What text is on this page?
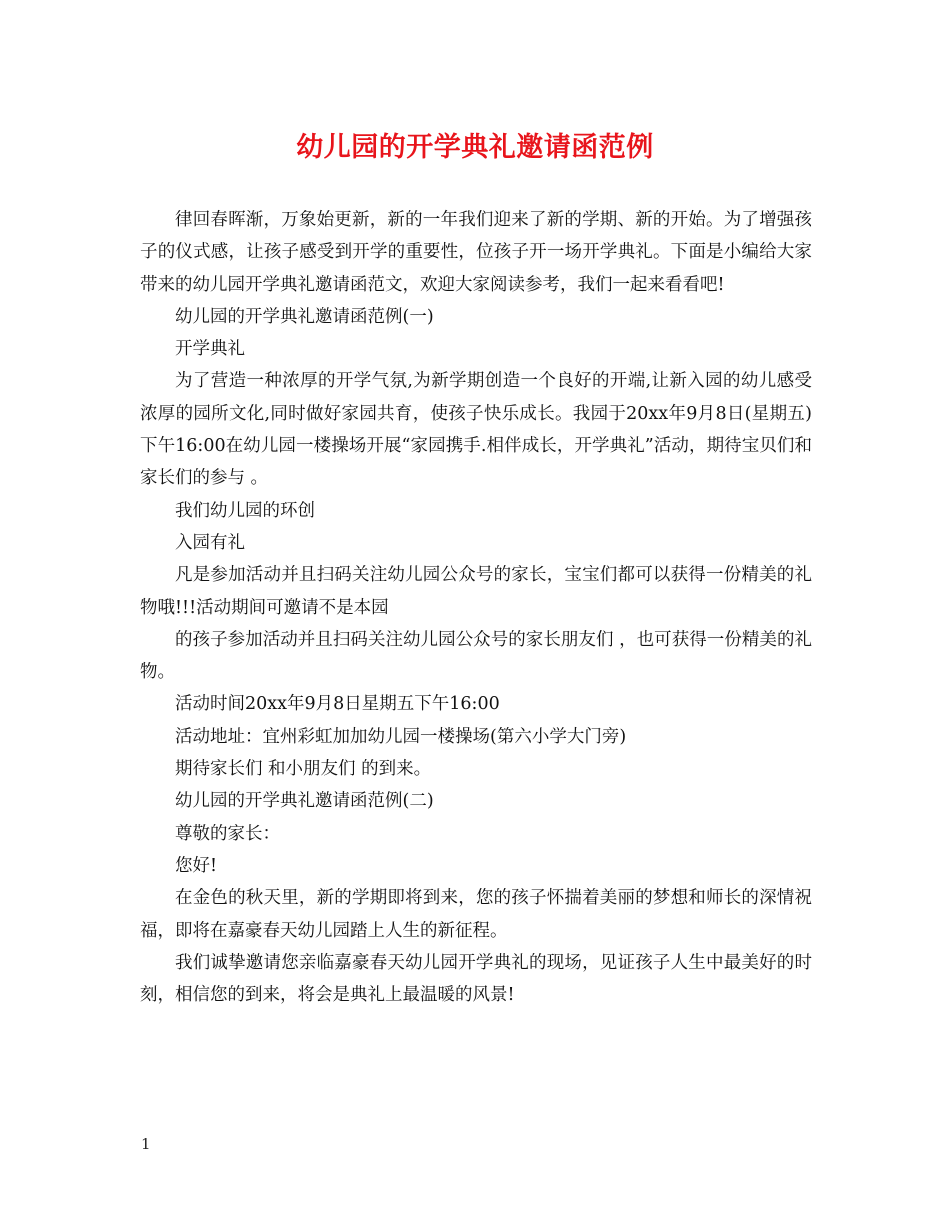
幼儿园的开学典礼邀请函范例

律回春晖渐，万象始更新，新的一年我们迎来了新的学期、新的开始。为了增强孩子的仪式感，让孩子感受到开学的重要性，位孩子开一场开学典礼。下面是小编给大家带来的幼儿园开学典礼邀请函范文，欢迎大家阅读参考，我们一起来看看吧!

幼儿园的开学典礼邀请函范例(一)

开学典礼

为了营造一种浓厚的开学气氛,为新学期创造一个良好的开端,让新入园的幼儿感受浓厚的园所文化,同时做好家园共育，使孩子快乐成长。我园于20xx年9月8日(星期五)下午16:00在幼儿园一楼操场开展“家园携手.相伴成长，开学典礼”活动，期待宝贝们和家长们的参与 。

我们幼儿园的环创

入园有礼

凡是参加活动并且扫码关注幼儿园公众号的家长，宝宝们都可以获得一份精美的礼物哦!!!活动期间可邀请不是本园

的孩子参加活动并且扫码关注幼儿园公众号的家长朋友们 ，也可获得一份精美的礼物。

活动时间20xx年9月8日星期五下午16:00

活动地址：宜州彩虹加加幼儿园一楼操场(第六小学大门旁)

期待家长们 和小朋友们 的到来。

幼儿园的开学典礼邀请函范例(二)

尊敬的家长：

您好!

在金色的秋天里，新的学期即将到来，您的孩子怀揣着美丽的梦想和师长的深情祝福，即将在嘉豪春天幼儿园踏上人生的新征程。

我们诚挚邀请您亲临嘉豪春天幼儿园开学典礼的现场，见证孩子人生中最美好的时刻，相信您的到来，将会是典礼上最温暖的风景!

1
